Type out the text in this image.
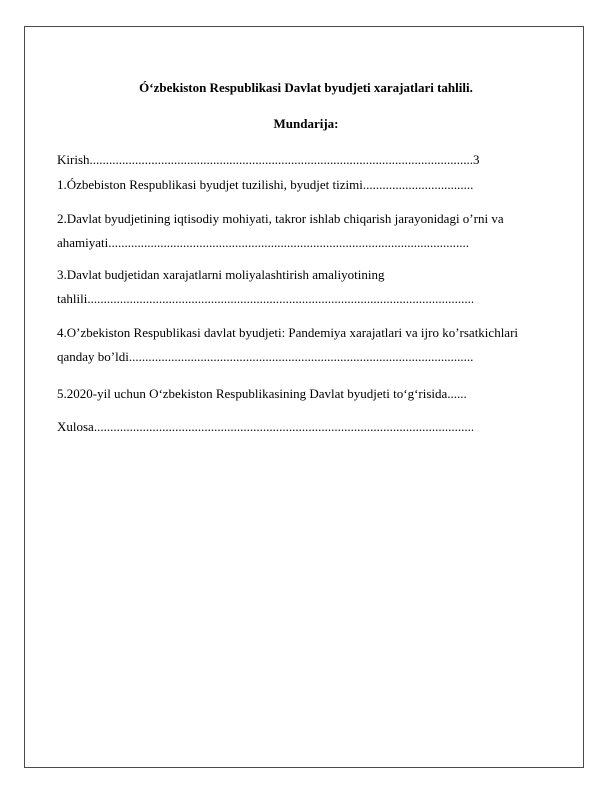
Ó‘zbekiston Respublikasi Davlat byudjeti xarajatlari tahlili.
Mundarija:
Kirish......................................................................................................................3
1.Ózbebiston Respublikasi byudjet tuzilishi, byudjet tizimi..................................
2.Davlat byudjetining iqtisodiy mohiyati, takror ishlab chiqarish jarayonidagi o’rni va
ahamiyati...............................................................................................................
3.Davlat budjetidan xarajatlarni moliyalashtirish amaliyotining
tahlili.......................................................................................................................
4.O’zbekiston Respublikasi davlat byudjeti: Pandemiya xarajatlari va ijro ko’rsatkichlari
qanday bo’ldi..........................................................................................................
5.2020-yil uchun O‘zbekiston Respublikasining Davlat byudjeti to‘g‘risida......
Xulosa.....................................................................................................................
